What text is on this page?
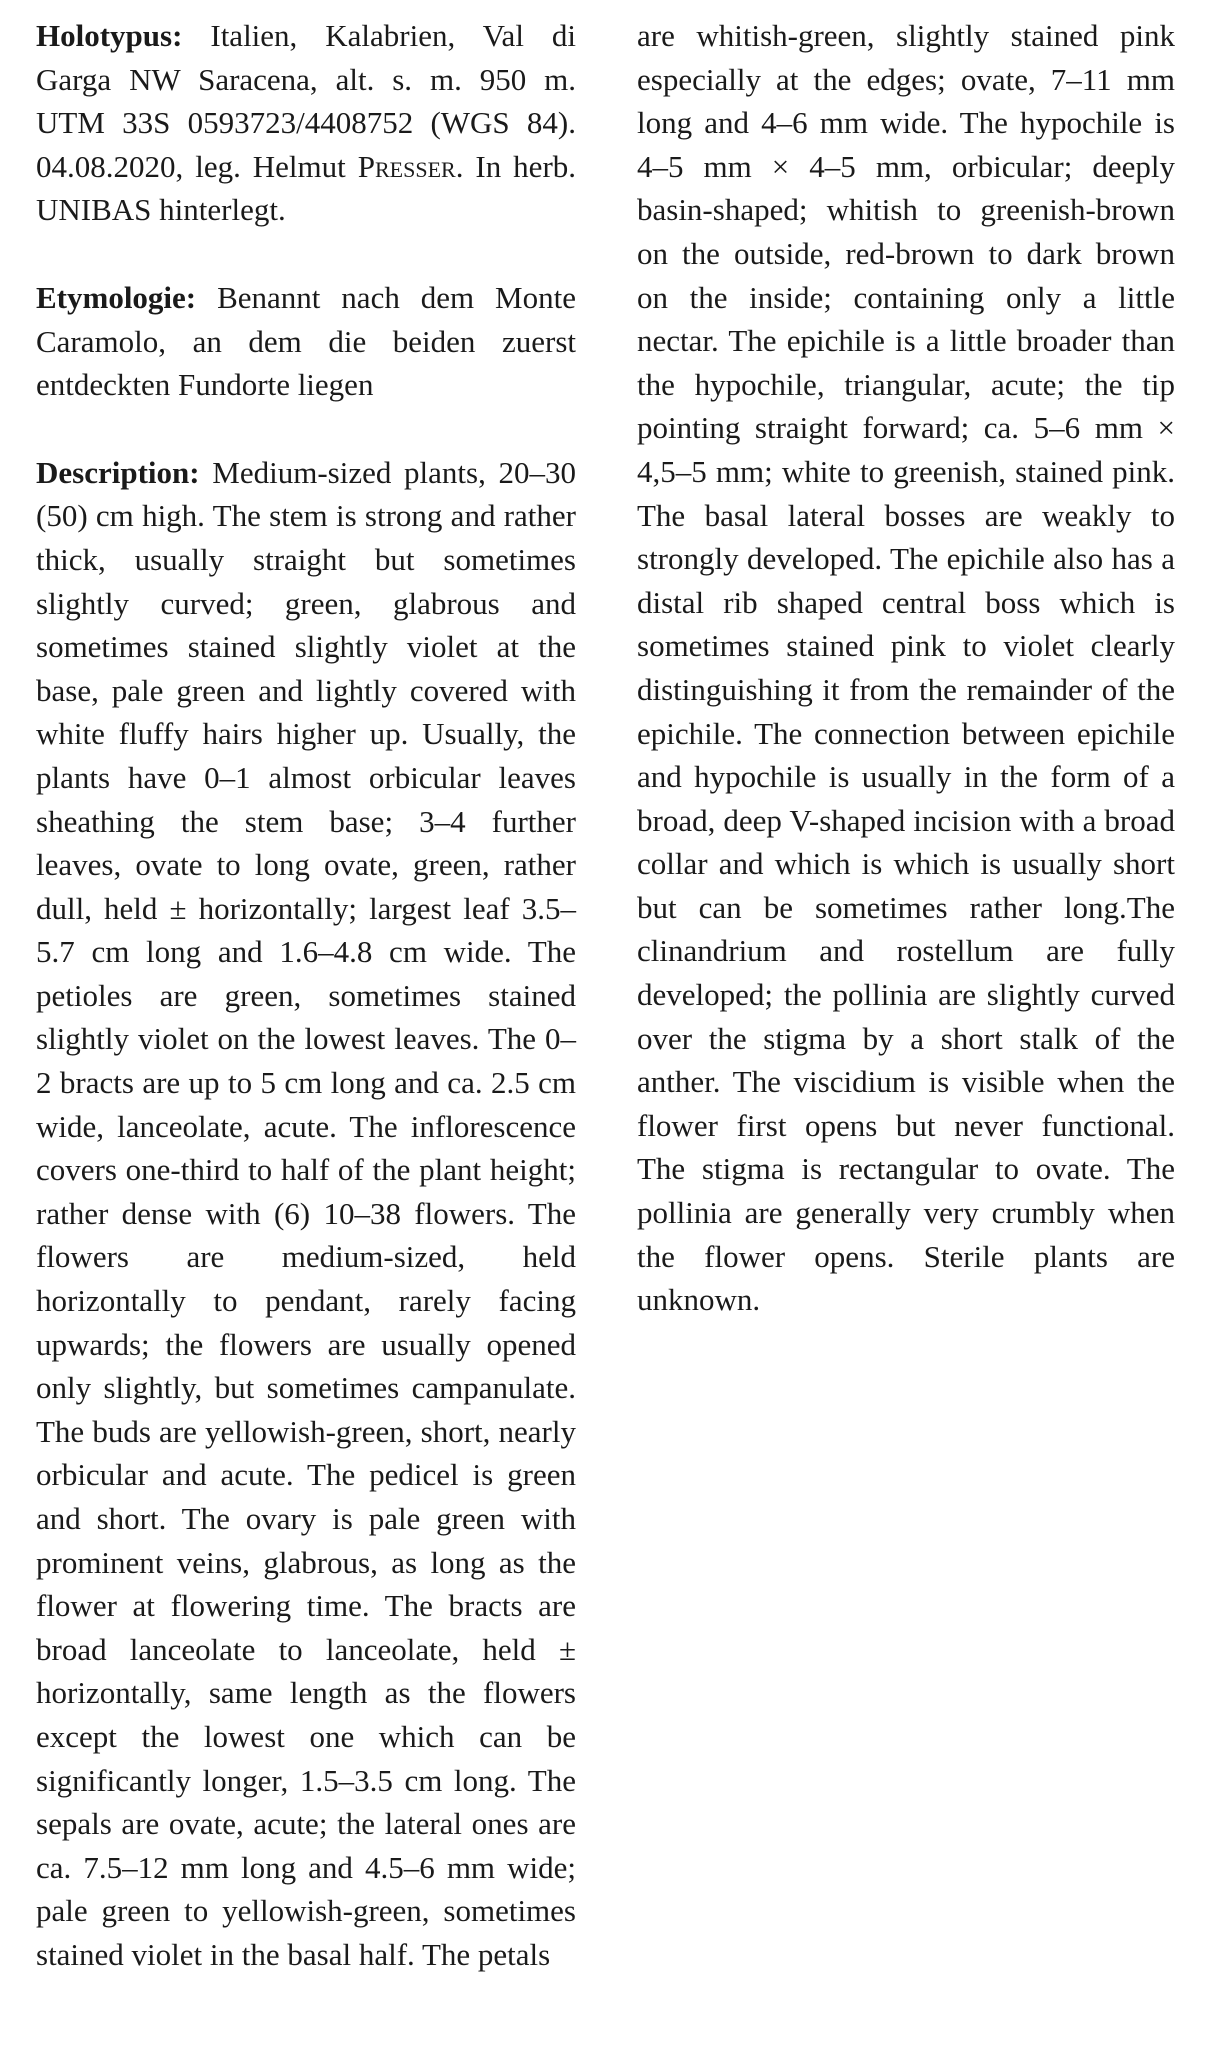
Holotypus: Italien, Kalabrien, Val di Garga NW Saracena, alt. s. m. 950 m. UTM 33S 0593723/4408752 (WGS 84). 04.08.2020, leg. Helmut Presser. In herb. UNIBAS hinterlegt.

Etymologie: Benannt nach dem Monte Caramolo, an dem die beiden zuerst entdeckten Fundorte liegen

Description: Medium-sized plants, 20–30 (50) cm high. The stem is strong and rather thick, usually straight but sometimes slightly curved; green, glabrous and sometimes stained slightly violet at the base, pale green and lightly covered with white fluffy hairs higher up. Usually, the plants have 0–1 almost orbicular leaves sheathing the stem base; 3–4 further leaves, ovate to long ovate, green, rather dull, held ± horizontally; largest leaf 3.5–5.7 cm long and 1.6–4.8 cm wide. The petioles are green, sometimes stained slightly violet on the lowest leaves. The 0–2 bracts are up to 5 cm long and ca. 2.5 cm wide, lanceolate, acute. The inflorescence covers one-third to half of the plant height; rather dense with (6) 10–38 flowers. The flowers are medium-sized, held horizontally to pendant, rarely facing upwards; the flowers are usually opened only slightly, but sometimes campanulate. The buds are yellowish-green, short, nearly orbicular and acute. The pedicel is green and short. The ovary is pale green with prominent veins, glabrous, as long as the flower at flowering time. The bracts are broad lanceolate to lanceolate, held ± horizontally, same length as the flowers except the lowest one which can be significantly longer, 1.5–3.5 cm long. The sepals are ovate, acute; the lateral ones are ca. 7.5–12 mm long and 4.5–6 mm wide; pale green to yellowish-green, sometimes stained violet in the basal half. The petals

are whitish-green, slightly stained pink especially at the edges; ovate, 7–11 mm long and 4–6 mm wide. The hypochile is 4–5 mm × 4–5 mm, orbicular; deeply basin-shaped; whitish to greenish-brown on the outside, red-brown to dark brown on the inside; containing only a little nectar. The epichile is a little broader than the hypochile, triangular, acute; the tip pointing straight forward; ca. 5–6 mm × 4,5–5 mm; white to greenish, stained pink. The basal lateral bosses are weakly to strongly developed. The epichile also has a distal rib shaped central boss which is sometimes stained pink to violet clearly distinguishing it from the remainder of the epichile. The connection between epichile and hypochile is usually in the form of a broad, deep V-shaped incision with a broad collar and which is which is usually short but can be sometimes rather long.The clinandrium and rostellum are fully developed; the pollinia are slightly curved over the stigma by a short stalk of the anther. The viscidium is visible when the flower first opens but never functional. The stigma is rectangular to ovate. The pollinia are generally very crumbly when the flower opens. Sterile plants are unknown.
